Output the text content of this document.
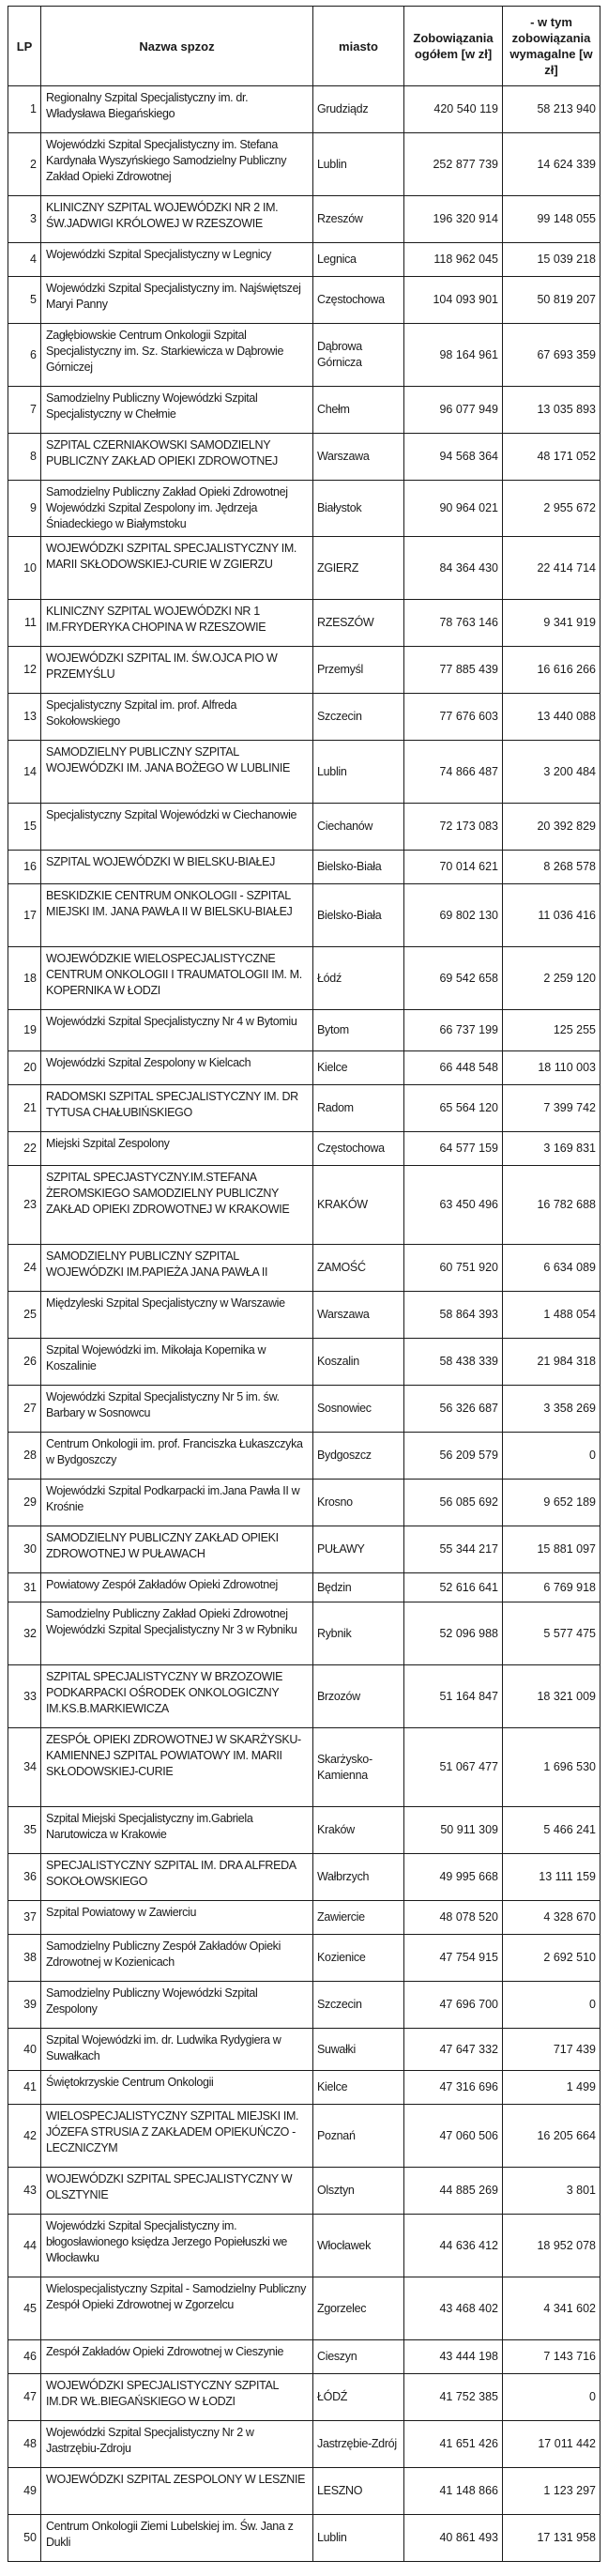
LP	Nazwa spzoz	miasto	Zobowiązania ogółem [w zł]	- w tym zobowiązania wymagalne [w zł]
1	Regionalny Szpital Specjalistyczny im. dr. Władysława Biegańskiego	Grudziądz	420 540 119	58 213 940
2	Wojewódzki Szpital Specjalistyczny im. Stefana Kardynała Wyszyńskiego Samodzielny Publiczny Zakład Opieki Zdrowotnej	Lublin	252 877 739	14 624 339
3	KLINICZNY SZPITAL WOJEWÓDZKI NR 2 IM. ŚW.JADWIGI KRÓLOWEJ W RZESZOWIE	Rzeszów	196 320 914	99 148 055
4	Wojewódzki Szpital Specjalistyczny w Legnicy	Legnica	118 962 045	15 039 218
5	Wojewódzki Szpital Specjalistyczny im. Najświętszej Maryi Panny	Częstochowa	104 093 901	50 819 207
6	Zagłębiowskie Centrum Onkologii Szpital Specjalistyczny im. Sz. Starkiewicza w Dąbrowie Górniczej	Dąbrowa Górnicza	98 164 961	67 693 359
7	Samodzielny Publiczny Wojewódzki Szpital Specjalistyczny w Chełmie	Chełm	96 077 949	13 035 893
8	SZPITAL CZERNIAKOWSKI SAMODZIELNY PUBLICZNY ZAKŁAD OPIEKI ZDROWOTNEJ	Warszawa	94 568 364	48 171 052
9	Samodzielny Publiczny Zakład Opieki Zdrowotnej Wojewódzki Szpital Zespolony im. Jędrzeja Śniadeckiego w Białymstoku	Białystok	90 964 021	2 955 672
10	WOJEWÓDZKI SZPITAL SPECJALISTYCZNY IM. MARII SKŁODOWSKIEJ-CURIE W ZGIERZU	ZGIERZ	84 364 430	22 414 714
11	KLINICZNY SZPITAL WOJEWÓDZKI NR 1 IM.FRYDERYKA CHOPINA W RZESZOWIE	RZESZÓW	78 763 146	9 341 919
12	WOJEWÓDZKI SZPITAL IM. ŚW.OJCA PIO W PRZEMYŚLU	Przemyśl	77 885 439	16 616 266
13	Specjalistyczny Szpital im. prof. Alfreda Sokołowskiego	Szczecin	77 676 603	13 440 088
14	SAMODZIELNY PUBLICZNY SZPITAL WOJEWÓDZKI IM. JANA BOŻEGO W LUBLINIE	Lublin	74 866 487	3 200 484
15	Specjalistyczny Szpital Wojewódzki w Ciechanowie	Ciechanów	72 173 083	20 392 829
16	SZPITAL WOJEWÓDZKI W BIELSKU-BIAŁEJ	Bielsko-Biała	70 014 621	8 268 578
17	BESKIDZKIE CENTRUM ONKOLOGII - SZPITAL MIEJSKI IM. JANA PAWŁA II W BIELSKU-BIAŁEJ	Bielsko-Biała	69 802 130	11 036 416
18	WOJEWÓDZKIE WIELOSPECJALISTYCZNE CENTRUM ONKOLOGII I TRAUMATOLOGII IM. M. KOPERNIKA W ŁODZI	Łódź	69 542 658	2 259 120
19	Wojewódzki Szpital Specjalistyczny Nr 4 w Bytomiu	Bytom	66 737 199	125 255
20	Wojewódzki Szpital Zespolony w Kielcach	Kielce	66 448 548	18 110 003
21	RADOMSKI SZPITAL SPECJALISTYCZNY IM. DR TYTUSA CHAŁUBIŃSKIEGO	Radom	65 564 120	7 399 742
22	Miejski Szpital Zespolony	Częstochowa	64 577 159	3 169 831
23	SZPITAL SPECJASTYCZNY.IM.STEFANA ŻEROMSKIEGO SAMODZIELNY PUBLICZNY ZAKŁAD OPIEKI ZDROWOTNEJ W KRAKOWIE	KRAKÓW	63 450 496	16 782 688
24	SAMODZIELNY PUBLICZNY SZPITAL WOJEWÓDZKI IM.PAPIEŻA JANA PAWŁA II	ZAMOŚĆ	60 751 920	6 634 089
25	Międzyleski Szpital Specjalistyczny w Warszawie	Warszawa	58 864 393	1 488 054
26	Szpital Wojewódzki im. Mikołaja Kopernika w Koszalinie	Koszalin	58 438 339	21 984 318
27	Wojewódzki Szpital Specjalistyczny Nr 5 im. św. Barbary w Sosnowcu	Sosnowiec	56 326 687	3 358 269
28	Centrum Onkologii im. prof. Franciszka Łukaszczyka w Bydgoszczy	Bydgoszcz	56 209 579	0
29	Wojewódzki Szpital Podkarpacki im.Jana Pawła II w Krośnie	Krosno	56 085 692	9 652 189
30	SAMODZIELNY PUBLICZNY ZAKŁAD OPIEKI ZDROWOTNEJ W PUŁAWACH	PUŁAWY	55 344 217	15 881 097
31	Powiatowy Zespół Zakładów Opieki Zdrowotnej	Będzin	52 616 641	6 769 918
32	Samodzielny Publiczny Zakład Opieki Zdrowotnej Wojewódzki Szpital Specjalistyczny Nr 3 w Rybniku	Rybnik	52 096 988	5 577 475
33	SZPITAL SPECJALISTYCZNY W BRZOZOWIE PODKARPACKI OŚRODEK ONKOLOGICZNY IM.KS.B.MARKIEWICZA	Brzozów	51 164 847	18 321 009
34	ZESPÓŁ OPIEKI ZDROWOTNEJ W SKARŻYSKU-KAMIENNEJ SZPITAL POWIATOWY IM. MARII SKŁODOWSKIEJ-CURIE	Skarżysko-Kamienna	51 067 477	1 696 530
35	Szpital Miejski Specjalistyczny im.Gabriela Narutowicza w Krakowie	Kraków	50 911 309	5 466 241
36	SPECJALISTYCZNY SZPITAL IM. DRA ALFREDA SOKOŁOWSKIEGO	Wałbrzych	49 995 668	13 111 159
37	Szpital Powiatowy w Zawierciu	Zawiercie	48 078 520	4 328 670
38	Samodzielny Publiczny Zespół Zakładów Opieki Zdrowotnej w Kozienicach	Kozienice	47 754 915	2 692 510
39	Samodzielny Publiczny Wojewódzki Szpital Zespolony	Szczecin	47 696 700	0
40	Szpital Wojewódzki im. dr. Ludwika Rydygiera w Suwałkach	Suwałki	47 647 332	717 439
41	Świętokrzyskie Centrum Onkologii	Kielce	47 316 696	1 499
42	WIELOSPECJALISTYCZNY SZPITAL MIEJSKI IM. JÓZEFA STRUSIA Z ZAKŁADEM OPIEKUŃCZO - LECZNICZYM	Poznań	47 060 506	16 205 664
43	WOJEWÓDZKI SZPITAL SPECJALISTYCZNY W OLSZTYNIE	Olsztyn	44 885 269	3 801
44	Wojewódzki Szpital Specjalistyczny im. błogosławionego księdza Jerzego Popiełuszki we Włocławku	Włocławek	44 636 412	18 952 078
45	Wielospecjalistyczny Szpital - Samodzielny Publiczny Zespół Opieki Zdrowotnej w Zgorzelcu	Zgorzelec	43 468 402	4 341 602
46	Zespół Zakładów Opieki Zdrowotnej w Cieszynie	Cieszyn	43 444 198	7 143 716
47	WOJEWÓDZKI SPECJALISTYCZNY SZPITAL IM.DR WŁ.BIEGAŃSKIEGO W ŁODZI	ŁÓDŹ	41 752 385	0
48	Wojewódzki Szpital Specjalistyczny Nr 2 w Jastrzębiu-Zdroju	Jastrzębie-Zdrój	41 651 426	17 011 442
49	WOJEWÓDZKI SZPITAL ZESPOLONY W LESZNIE	LESZNO	41 148 866	1 123 297
50	Centrum Onkologii Ziemi Lubelskiej im. Św. Jana z Dukli	Lublin	40 861 493	17 131 958
